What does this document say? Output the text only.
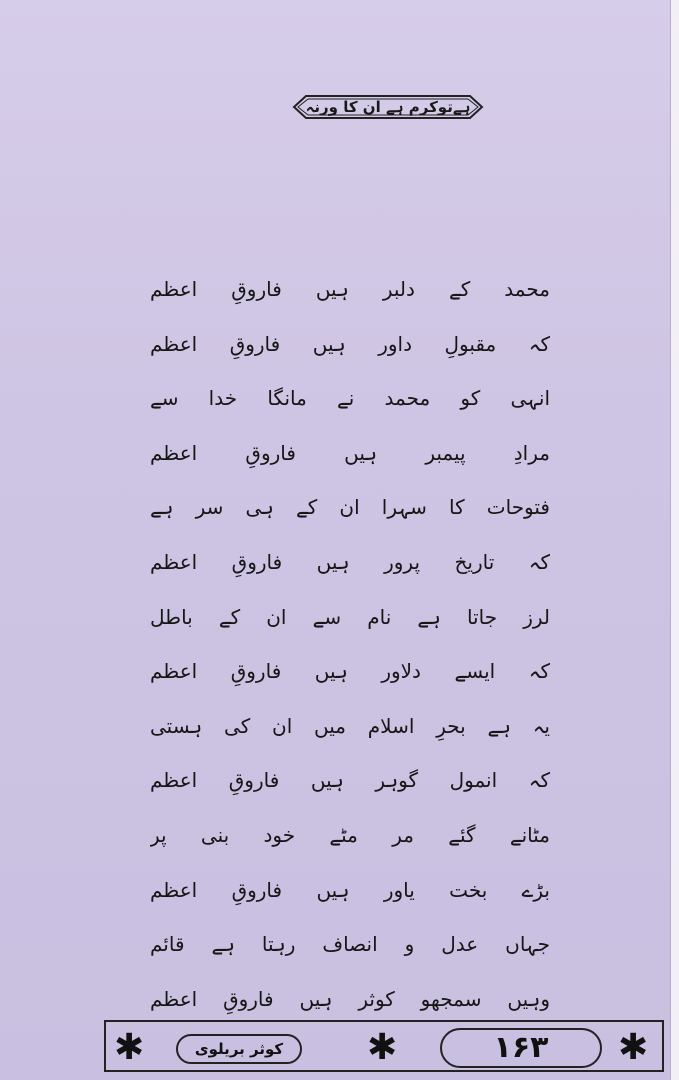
ہےتوکرم ہے ان کا ورنہ
محمد کے دلبر ہیں فاروقِ اعظم
کہ مقبولِ داور ہیں فاروقِ اعظم
انہی کو محمد نے مانگا خدا سے
مرادِ پیمبر ہیں فاروقِ اعظم
فتوحات کا سہرا ان کے ہی سر ہے
کہ تاریخ پرور ہیں فاروقِ اعظم
لرز جاتا ہے نام سے ان کے باطل
کہ ایسے دلاور ہیں فاروقِ اعظم
یہ ہے بحرِ اسلام میں ان کی ہستی
کہ انمول گوہر ہیں فاروقِ اعظم
مٹانے گئے مر مٹے خود بنی پر
بڑے بخت یاور ہیں فاروقِ اعظم
جہاں عدل و انصاف رہتا ہے قائم
وہیں سمجھو کوثر ہیں فاروقِ اعظم
✱	کوثر بریلوی	✱	۱۶۳	✱
